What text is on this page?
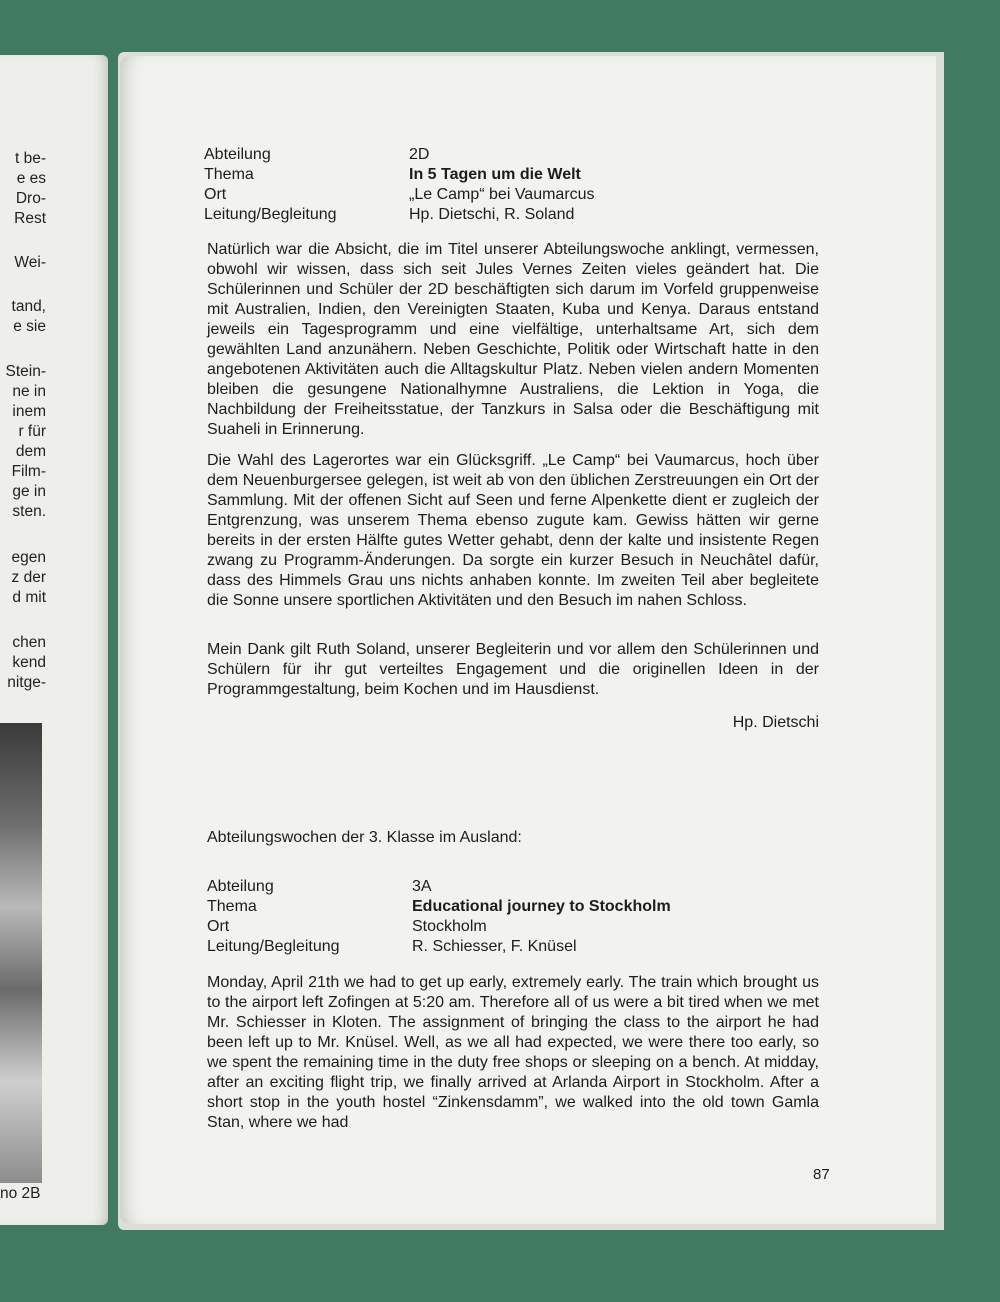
t be-
e es
Dro-
Rest
Wei-
tand,
e sie
Stein-
ne in
inem
r für
dem
Film-
ge in
sten.
egen
z der
d mit
chen
kend
nitge-
no 2B
Abteilung	2D
Thema	In 5 Tagen um die Welt
Ort	„Le Camp“ bei Vaumarcus
Leitung/Begleitung	Hp. Dietschi, R. Soland

Natürlich war die Absicht, die im Titel unserer Abteilungswoche anklingt, vermessen, obwohl wir wissen, dass sich seit Jules Vernes Zeiten vieles geändert hat. Die Schülerinnen und Schüler der 2D beschäftigten sich darum im Vorfeld gruppenweise mit Australien, Indien, den Vereinigten Staaten, Kuba und Kenya. Daraus entstand jeweils ein Tagesprogramm und eine vielfältige, unterhaltsame Art, sich dem gewählten Land anzunähern. Neben Geschichte, Politik oder Wirtschaft hatte in den angebotenen Aktivitäten auch die Alltagskultur Platz. Neben vielen andern Momenten bleiben die gesungene Nationalhymne Australiens, die Lektion in Yoga, die Nachbildung der Freiheitsstatue, der Tanzkurs in Salsa oder die Beschäftigung mit Suaheli in Erinnerung.

Die Wahl des Lagerortes war ein Glücksgriff. „Le Camp“ bei Vaumarcus, hoch über dem Neuenburgersee gelegen, ist weit ab von den üblichen Zerstreuungen ein Ort der Sammlung. Mit der offenen Sicht auf Seen und ferne Alpenkette dient er zugleich der Entgrenzung, was unserem Thema ebenso zugute kam. Gewiss hätten wir gerne bereits in der ersten Hälfte gutes Wetter gehabt, denn der kalte und insistente Regen zwang zu Programm-Änderungen. Da sorgte ein kurzer Besuch in Neuchâtel dafür, dass des Himmels Grau uns nichts anhaben konnte. Im zweiten Teil aber begleitete die Sonne unsere sportlichen Aktivitäten und den Besuch im nahen Schloss.

Mein Dank gilt Ruth Soland, unserer Begleiterin und vor allem den Schülerinnen und Schülern für ihr gut verteiltes Engagement und die originellen Ideen in der Programmgestaltung, beim Kochen und im Hausdienst.

Hp. Dietschi
Abteilungswochen der 3. Klasse im Ausland:
Abteilung	3A
Thema	Educational journey to Stockholm
Ort	Stockholm
Leitung/Begleitung	R. Schiesser, F. Knüsel

Monday, April 21th we had to get up early, extremely early. The train which brought us to the airport left Zofingen at 5:20 am. Therefore all of us were a bit tired when we met Mr. Schiesser in Kloten. The assignment of bringing the class to the airport he had been left up to Mr. Knüsel. Well, as we all had expected, we were there too early, so we spent the remaining time in the duty free shops or sleeping on a bench. At midday, after an exciting flight trip, we finally arrived at Arlanda Airport in Stockholm. After a short stop in the youth hostel “Zinkensdamm”, we walked into the old town Gamla Stan, where we had

87
